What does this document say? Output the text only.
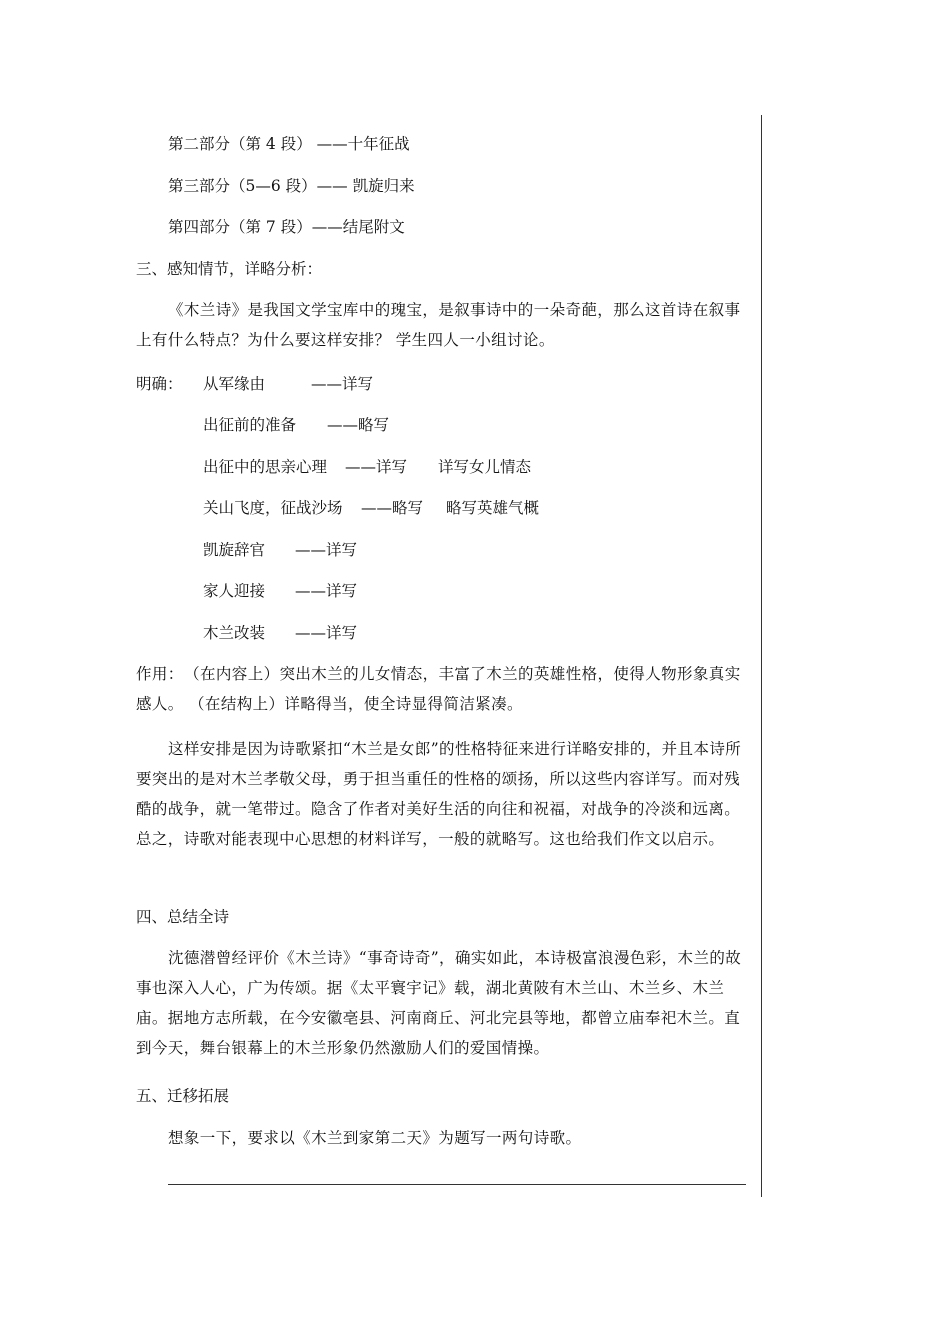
第二部分（第 4 段） ——十年征战
第三部分（5—6 段）—— 凯旋归来
第四部分（第 7 段）——结尾附文
三、感知情节，详略分析：
《木兰诗》是我国文学宝库中的瑰宝，是叙事诗中的一朵奇葩，那么这首诗在叙事上有什么特点？为什么要这样安排？ 学生四人一小组讨论。
明确： 从军缘由	——详写
出征前的准备 ——略写
出征中的思亲心理 ——详写 详写女儿情态
关山飞度，征战沙场 ——略写 略写英雄气概
凯旋辞官 ——详写
家人迎接 ——详写
木兰改装 ——详写
作用：　（在内容上）突出木兰的儿女情态，丰富了木兰的英雄性格，使得人物形象真实感人。 （在结构上）详略得当，使全诗显得简洁紧凑。
这样安排是因为诗歌紧扣“木兰是女郎”的性格特征来进行详略安排的，并且本诗所要突出的是对木兰孝敬父母，勇于担当重任的性格的颂扬，所以这些内容详写。而对残酷的战争，就一笔带过。隐含了作者对美好生活的向往和祝福，对战争的冷淡和远离。总之，诗歌对能表现中心思想的材料详写，一般的就略写。这也给我们作文以启示。
四、总结全诗
沈德潜曾经评价《木兰诗》“事奇诗奇”，确实如此，本诗极富浪漫色彩，木兰的故事也深入人心，广为传颂。据《太平寰宇记》载，湖北黄陂有木兰山、木兰乡、木兰庙。据地方志所载，在今安徽亳县、河南商丘、河北完县等地，都曾立庙奉祀木兰。直到今天，舞台银幕上的木兰形象仍然激励人们的爱国情操。
五、迁移拓展
想象一下，要求以《木兰到家第二天》为题写一两句诗歌。
